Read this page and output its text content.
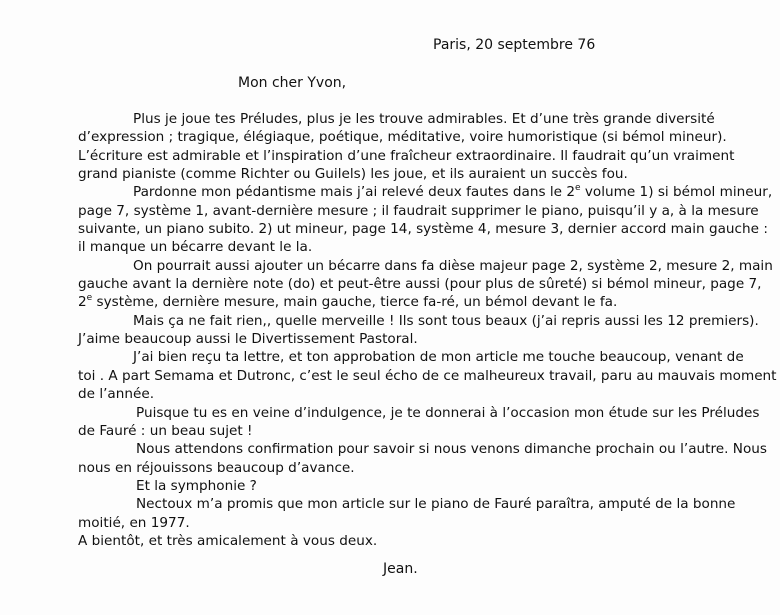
Paris, 20 septembre 76
Mon cher Yvon,
Plus je joue tes Préludes, plus je les trouve admirables. Et d’une très grande diversité
d’expression ; tragique, élégiaque, poétique, méditative, voire humoristique (si bémol mineur).
L’écriture est admirable et l’inspiration d’une fraîcheur extraordinaire. Il faudrait qu’un vraiment
grand pianiste (comme Richter ou Guilels) les joue, et ils auraient un succès fou.
Pardonne mon pédantisme mais j’ai relevé deux fautes dans le 2e volume 1) si bémol mineur,
page 7, système 1, avant-dernière mesure ; il faudrait supprimer le piano, puisqu’il y a, à la mesure
suivante, un piano subito. 2) ut mineur, page 14, système 4, mesure 3, dernier accord main gauche :
il manque un bécarre devant le la.
On pourrait aussi ajouter un bécarre dans fa dièse majeur page 2, système 2, mesure 2, main
gauche avant la dernière note (do) et peut-être aussi (pour plus de sûreté) si bémol mineur, page 7,
2e système, dernière mesure, main gauche, tierce fa-ré, un bémol devant le fa.
Mais ça ne fait rien,, quelle merveille ! Ils sont tous beaux (j’ai repris aussi les 12 premiers).
J’aime beaucoup aussi le Divertissement Pastoral.
J’ai bien reçu ta lettre, et ton approbation de mon article me touche beaucoup, venant de
toi . A part Semama et Dutronc, c’est le seul écho de ce malheureux travail, paru au mauvais moment
de l’année.
Puisque tu es en veine d’indulgence, je te donnerai à l’occasion mon étude sur les Préludes
de Fauré : un beau sujet !
Nous attendons confirmation pour savoir si nous venons dimanche prochain ou l’autre. Nous
nous en réjouissons beaucoup d’avance.
Et la symphonie ?
Nectoux m’a promis que mon article sur le piano de Fauré paraîtra, amputé de la bonne
moitié, en 1977.
A bientôt, et très amicalement à vous deux.
Jean.
